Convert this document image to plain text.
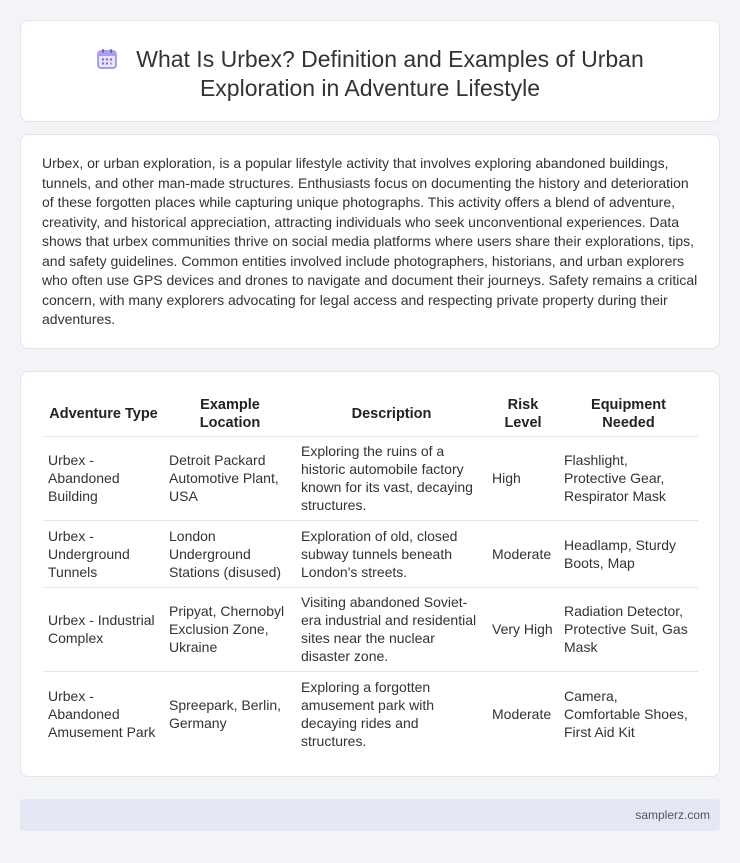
What Is Urbex? Definition and Examples of Urban Exploration in Adventure Lifestyle

Urbex, or urban exploration, is a popular lifestyle activity that involves exploring abandoned buildings, tunnels, and other man-made structures. Enthusiasts focus on documenting the history and deterioration of these forgotten places while capturing unique photographs. This activity offers a blend of adventure, creativity, and historical appreciation, attracting individuals who seek unconventional experiences. Data shows that urbex communities thrive on social media platforms where users share their explorations, tips, and safety guidelines. Common entities involved include photographers, historians, and urban explorers who often use GPS devices and drones to navigate and document their journeys. Safety remains a critical concern, with many explorers advocating for legal access and respecting private property during their adventures.

Adventure Type	Example Location	Description	Risk Level	Equipment Needed
Urbex - Abandoned Building	Detroit Packard Automotive Plant, USA	Exploring the ruins of a historic automobile factory known for its vast, decaying structures.	High	Flashlight, Protective Gear, Respirator Mask
Urbex - Underground Tunnels	London Underground Stations (disused)	Exploration of old, closed subway tunnels beneath London's streets.	Moderate	Headlamp, Sturdy Boots, Map
Urbex - Industrial Complex	Pripyat, Chernobyl Exclusion Zone, Ukraine	Visiting abandoned Soviet-era industrial and residential sites near the nuclear disaster zone.	Very High	Radiation Detector, Protective Suit, Gas Mask
Urbex - Abandoned Amusement Park	Spreepark, Berlin, Germany	Exploring a forgotten amusement park with decaying rides and structures.	Moderate	Camera, Comfortable Shoes, First Aid Kit
samplerz.com
